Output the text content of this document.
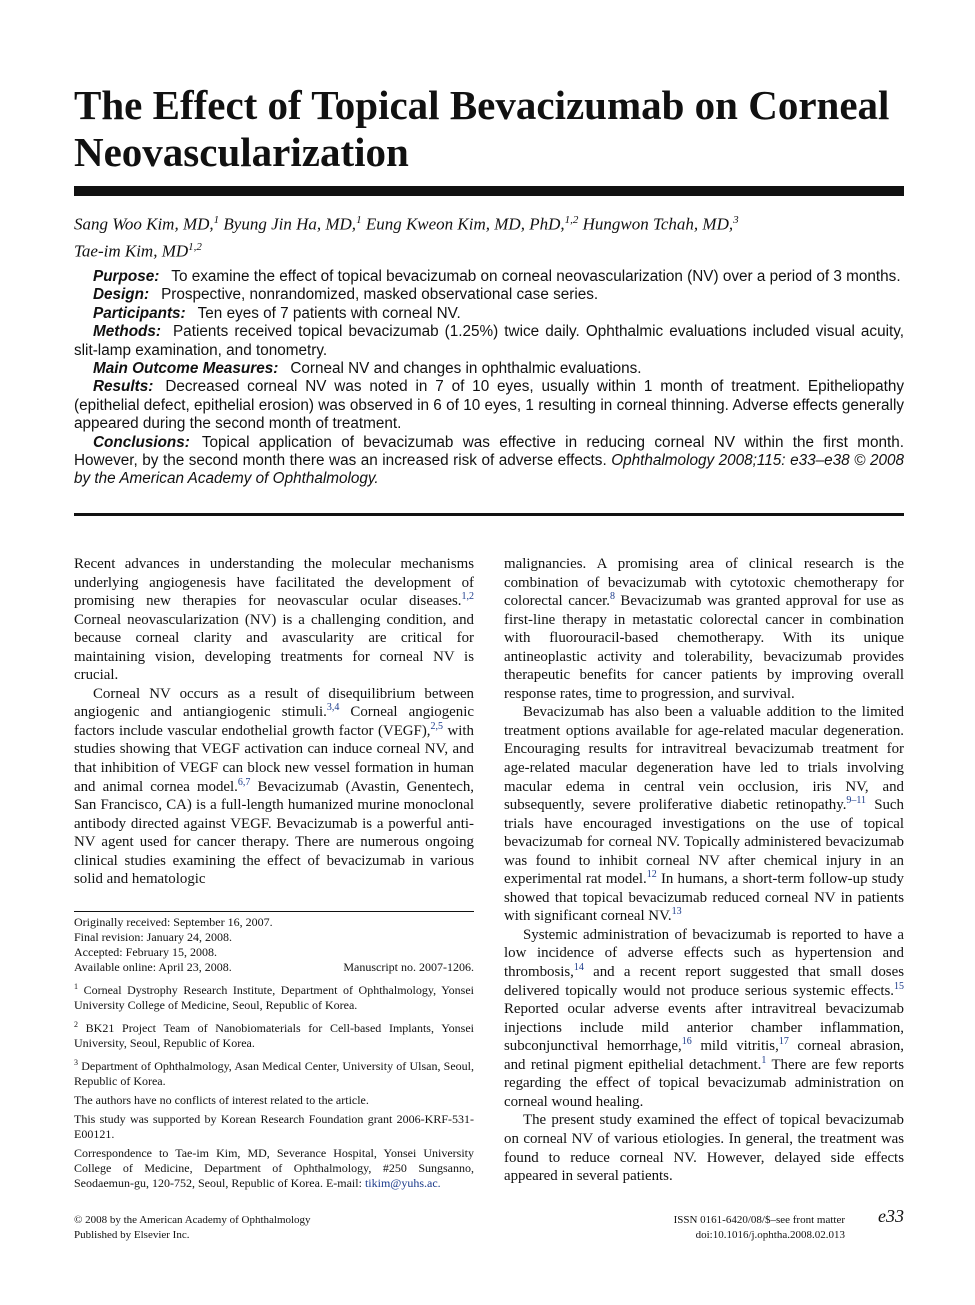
The Effect of Topical Bevacizumab on Corneal Neovascularization

Sang Woo Kim, MD,$^1$ Byung Jin Ha, MD,$^1$ Eung Kweon Kim, MD, PhD,$^{1,2}$ Hungwon Tchah, MD,$^3$
Tae-im Kim, MD$^{1,2}$

Purpose: To examine the effect of topical bevacizumab on corneal neovascularization (NV) over a period of 3 months.

Design: Prospective, nonrandomized, masked observational case series.

Participants: Ten eyes of 7 patients with corneal NV.

Methods: Patients received topical bevacizumab (1.25%) twice daily. Ophthalmic evaluations included visual acuity, slit-lamp examination, and tonometry.

Main Outcome Measures: Corneal NV and changes in ophthalmic evaluations.

Results: Decreased corneal NV was noted in 7 of 10 eyes, usually within 1 month of treatment. Epitheliopathy (epithelial defect, epithelial erosion) was observed in 6 of 10 eyes, 1 resulting in corneal thinning. Adverse effects generally appeared during the second month of treatment.

Conclusions: Topical application of bevacizumab was effective in reducing corneal NV within the first month. However, by the second month there was an increased risk of adverse effects. Ophthalmology 2008;115: e33–e38 © 2008 by the American Academy of Ophthalmology.

Recent advances in understanding the molecular mechanisms underlying angiogenesis have facilitated the development of promising new therapies for neovascular ocular diseases.$^{1,2}$ Corneal neovascularization (NV) is a challenging condition, and because corneal clarity and avascularity are critical for maintaining vision, developing treatments for corneal NV is crucial.

Corneal NV occurs as a result of disequilibrium between angiogenic and antiangiogenic stimuli.$^{3,4}$ Corneal angiogenic factors include vascular endothelial growth factor (VEGF),$^{2,5}$ with studies showing that VEGF activation can induce corneal NV, and that inhibition of VEGF can block new vessel formation in human and animal cornea model.$^{6,7}$ Bevacizumab (Avastin, Genentech, San Francisco, CA) is a full-length humanized murine monoclonal antibody directed against VEGF. Bevacizumab is a powerful anti-NV agent used for cancer therapy. There are numerous ongoing clinical studies examining the effect of bevacizumab in various solid and hematologic

Originally received: September 16, 2007.

Final revision: January 24, 2008.

Accepted: February 15, 2008.

Available online: April 23, 2008.	Manuscript no. 2007-1206.

$^1$ Corneal Dystrophy Research Institute, Department of Ophthalmology, Yonsei University College of Medicine, Seoul, Republic of Korea.

$^2$ BK21 Project Team of Nanobiomaterials for Cell-based Implants, Yonsei University, Seoul, Republic of Korea.

$^3$ Department of Ophthalmology, Asan Medical Center, University of Ulsan, Seoul, Republic of Korea.

The authors have no conflicts of interest related to the article.

This study was supported by Korean Research Foundation grant 2006-KRF-531-E00121.

Correspondence to Tae-im Kim, MD, Severance Hospital, Yonsei University College of Medicine, Department of Ophthalmology, #250 Sungsanno, Seodaemun-gu, 120-752, Seoul, Republic of Korea. E-mail: tikim@yuhs.ac.

malignancies. A promising area of clinical research is the combination of bevacizumab with cytotoxic chemotherapy for colorectal cancer.$^8$ Bevacizumab was granted approval for use as first-line therapy in metastatic colorectal cancer in combination with fluorouracil-based chemotherapy. With its unique antineoplastic activity and tolerability, bevacizumab provides therapeutic benefits for cancer patients by improving overall response rates, time to progression, and survival.

Bevacizumab has also been a valuable addition to the limited treatment options available for age-related macular degeneration. Encouraging results for intravitreal bevacizumab treatment for age-related macular degeneration have led to trials involving macular edema in central vein occlusion, iris NV, and subsequently, severe proliferative diabetic retinopathy.$^{9-11}$ Such trials have encouraged investigations on the use of topical bevacizumab for corneal NV. Topically administered bevacizumab was found to inhibit corneal NV after chemical injury in an experimental rat model.$^{12}$ In humans, a short-term follow-up study showed that topical bevacizumab reduced corneal NV in patients with significant corneal NV.$^{13}$

Systemic administration of bevacizumab is reported to have a low incidence of adverse effects such as hypertension and thrombosis,$^{14}$ and a recent report suggested that small doses delivered topically would not produce serious systemic effects.$^{15}$ Reported ocular adverse events after intravitreal bevacizumab injections include mild anterior chamber inflammation, subconjunctival hemorrhage,$^{16}$ mild vitritis,$^{17}$ corneal abrasion, and retinal pigment epithelial detachment.$^1$ There are few reports regarding the effect of topical bevacizumab administration on corneal wound healing.

The present study examined the effect of topical bevacizumab on corneal NV of various etiologies. In general, the treatment was found to reduce corneal NV. However, delayed side effects appeared in several patients.

© 2008 by the American Academy of Ophthalmology
Published by Elsevier Inc.
ISSN 0161-6420/08/$–see front matter
doi:10.1016/j.ophtha.2008.02.013
e33
